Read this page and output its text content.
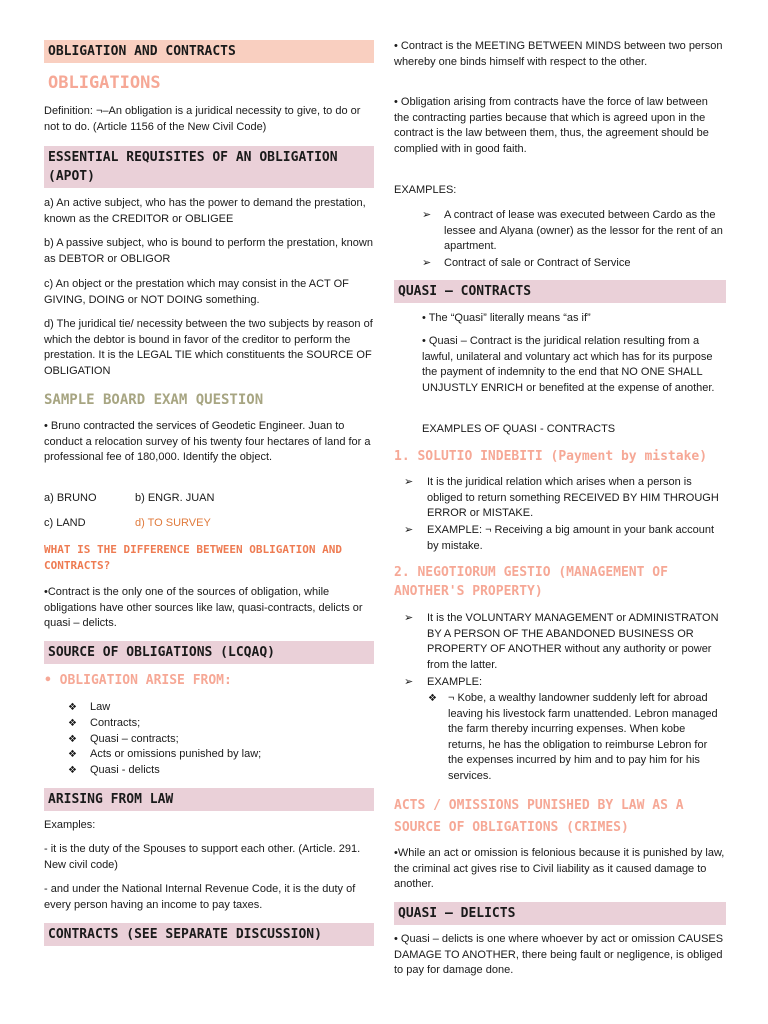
OBLIGATION AND CONTRACTS
OBLIGATIONS

Definition: ¬–An obligation is a juridical necessity to give, to do or not to do. (Article 1156 of the New Civil Code)

ESSENTIAL REQUISITES OF AN OBLIGATION (APOT)

a) An active subject, who has the power to demand the prestation, known as the CREDITOR or OBLIGEE

b) A passive subject, who is bound to perform the prestation, known as DEBTOR or OBLIGOR

c) An object or the prestation which may consist in the ACT OF GIVING, DOING or NOT DOING something.

d) The juridical tie/ necessity between the two subjects by reason of which the debtor is bound in favor of the creditor to perform the prestation. It is the LEGAL TIE which constituents the SOURCE OF OBLIGATION

SAMPLE BOARD EXAM QUESTION

• Bruno contracted the services of Geodetic Engineer. Juan to conduct a relocation survey of his twenty four hectares of land for a professional fee of 180,000. Identify the object.

a) BRUNO	b) ENGR. JUAN
c) LAND	d) TO SURVEY
WHAT IS THE DIFFERENCE BETWEEN OBLIGATION AND CONTRACTS?

•Contract is the only one of the sources of obligation, while obligations have other sources like law, quasi-contracts, delicts or quasi – delicts.

SOURCE OF OBLIGATIONS (LCQAQ)
• OBLIGATION ARISE FROM:
❖ Law
❖ Contracts;
❖ Quasi – contracts;
❖ Acts or omissions punished by law;
❖ Quasi - delicts
ARISING FROM LAW
Examples:

- it is the duty of the Spouses to support each other. (Article. 291. New civil code)

- and under the National Internal Revenue Code, it is the duty of every person having an income to pay taxes.

CONTRACTS (SEE SEPARATE DISCUSSION)

• Contract is the MEETING BETWEEN MINDS between two person whereby one binds himself with respect to the other.

• Obligation arising from contracts have the force of law between the contracting parties because that which is agreed upon in the contract is the law between them, thus, the agreement should be complied with in good faith.

EXAMPLES:
➢ A contract of lease was executed between Cardo as the lessee and Alyana (owner) as the lessor for the rent of an apartment.
➢ Contract of sale or Contract of Service
QUASI – CONTRACTS
• The “Quasi” literally means “as if”
• Quasi – Contract is the juridical relation resulting from a lawful, unilateral and voluntary act which has for its purpose the payment of indemnity to the end that NO ONE SHALL UNJUSTLY ENRICH or benefited at the expense of another.
EXAMPLES OF QUASI - CONTRACTS
1. SOLUTIO INDEBITI (Payment by mistake)
➢ It is the juridical relation which arises when a person is obliged to return something RECEIVED BY HIM THROUGH ERROR or MISTAKE.
➢ EXAMPLE: ¬ Receiving a big amount in your bank account by mistake.
2. NEGOTIORUM GESTIO (MANAGEMENT OF ANOTHER'S PROPERTY)
➢ It is the VOLUNTARY MANAGEMENT or ADMINISTRATON BY A PERSON OF THE ABANDONED BUSINESS OR PROPERTY OF ANOTHER without any authority or power from the latter.
➢ EXAMPLE:
❖ ¬ Kobe, a wealthy landowner suddenly left for abroad leaving his livestock farm unattended. Lebron managed the farm thereby incurring expenses. When kobe returns, he has the obligation to reimburse Lebron for the expenses incurred by him and to pay him for his services.
ACTS / OMISSIONS PUNISHED BY LAW AS A SOURCE OF OBLIGATIONS (CRIMES)

•While an act or omission is felonious because it is punished by law, the criminal act gives rise to Civil liability as it caused damage to another.

QUASI – DELICTS

• Quasi – delicts is one where whoever by act or omission CAUSES DAMAGE TO ANOTHER, there being fault or negligence, is obliged to pay for damage done.
